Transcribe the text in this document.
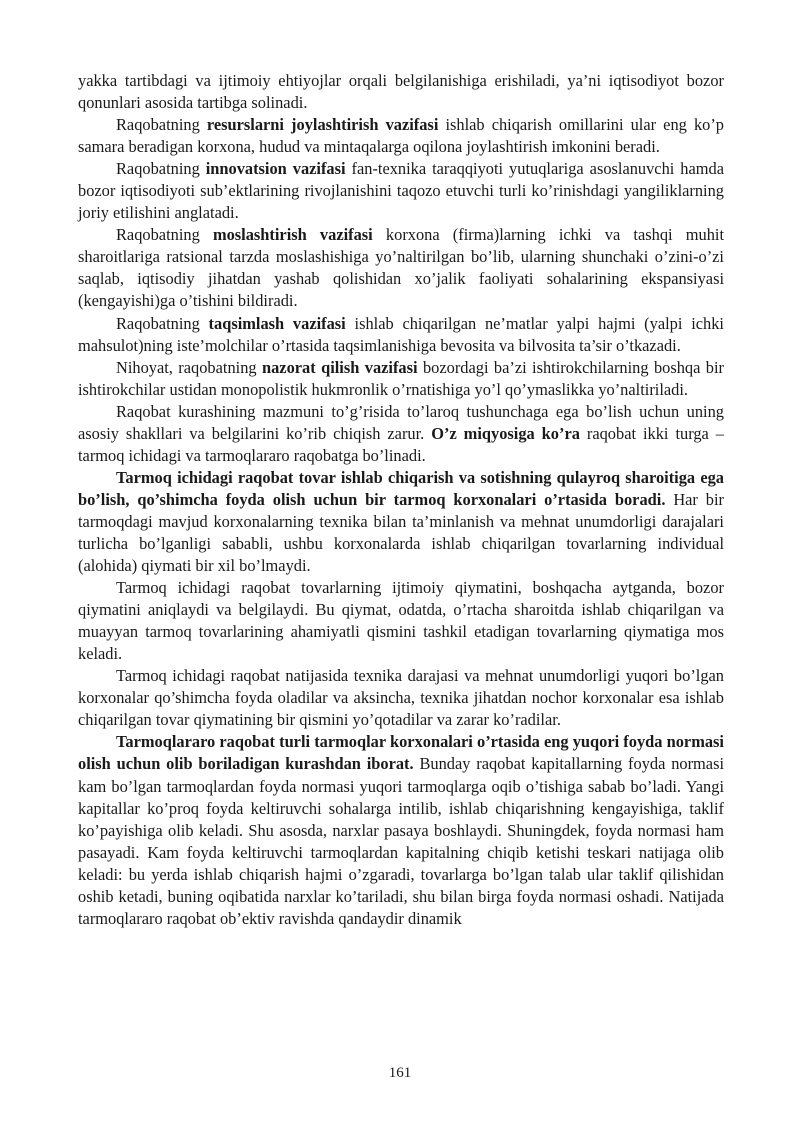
yakka tartibdagi va ijtimoiy ehtiyojlar orqali belgilanishiga erishiladi, ya’ni iqtisodiyot bozor qonunlari asosida tartibga solinadi.

Raqobatning resurslarni joylashtirish vazifasi ishlab chiqarish omillarini ular eng ko’p samara beradigan korxona, hudud va mintaqalarga oqilona joylashtirish imkonini beradi.

Raqobatning innovatsion vazifasi fan-texnika taraqqiyoti yutuqlariga asoslanuvchi hamda bozor iqtisodiyoti sub’ektlarining rivojlanishini taqozo etuvchi turli ko’rinishdagi yangiliklarning joriy etilishini anglatadi.

Raqobatning moslashtirish vazifasi korxona (firma)larning ichki va tashqi muhit sharoitlariga ratsional tarzda moslashishiga yo’naltirilgan bo’lib, ularning shunchaki o’zini-o’zi saqlab, iqtisodiy jihatdan yashab qolishidan xo’jalik faoliyati sohalarining ekspansiyasi (kengayishi)ga o’tishini bildiradi.

Raqobatning taqsimlash vazifasi ishlab chiqarilgan ne’matlar yalpi hajmi (yalpi ichki mahsulot)ning iste’molchilar o’rtasida taqsimlanishiga bevosita va bilvosita ta’sir o’tkazadi.

Nihoyat, raqobatning nazorat qilish vazifasi bozordagi ba’zi ishtirokchilarning boshqa bir ishtirokchilar ustidan monopolistik hukmronlik o’rnatishiga yo’l qo’ymaslikka yo’naltiriladi.

Raqobat kurashining mazmuni to’g’risida to’laroq tushunchaga ega bo’lish uchun uning asosiy shakllari va belgilarini ko’rib chiqish zarur. O’z miqyosiga ko’ra raqobat ikki turga – tarmoq ichidagi va tarmoqlararo raqobatga bo’linadi.

Tarmoq ichidagi raqobat tovar ishlab chiqarish va sotishning qulayroq sharoitiga ega bo’lish, qo’shimcha foyda olish uchun bir tarmoq korxonalari o’rtasida boradi. Har bir tarmoqdagi mavjud korxonalarning texnika bilan ta’minlanish va mehnat unumdorligi darajalari turlicha bo’lganligi sababli, ushbu korxonalarda ishlab chiqarilgan tovarlarning individual (alohida) qiymati bir xil bo’lmaydi.

Tarmoq ichidagi raqobat tovarlarning ijtimoiy qiymatini, boshqacha aytganda, bozor qiymatini aniqlaydi va belgilaydi. Bu qiymat, odatda, o’rtacha sharoitda ishlab chiqarilgan va muayyan tarmoq tovarlarining ahamiyatli qismini tashkil etadigan tovarlarning qiymatiga mos keladi.

Tarmoq ichidagi raqobat natijasida texnika darajasi va mehnat unumdorligi yuqori bo’lgan korxonalar qo’shimcha foyda oladilar va aksincha, texnika jihatdan nochor korxonalar esa ishlab chiqarilgan tovar qiymatining bir qismini yo’qotadilar va zarar ko’radilar.

Tarmoqlararo raqobat turli tarmoqlar korxonalari o’rtasida eng yuqori foyda normasi olish uchun olib boriladigan kurashdan iborat. Bunday raqobat kapitallarning foyda normasi kam bo’lgan tarmoqlardan foyda normasi yuqori tarmoqlarga oqib o’tishiga sabab bo’ladi. Yangi kapitallar ko’proq foyda keltiruvchi sohalarga intilib, ishlab chiqarishning kengayishiga, taklif ko’payishiga olib keladi. Shu asosda, narxlar pasaya boshlaydi. Shuningdek, foyda normasi ham pasayadi. Kam foyda keltiruvchi tarmoqlardan kapitalning chiqib ketishi teskari natijaga olib keladi: bu yerda ishlab chiqarish hajmi o’zgaradi, tovarlarga bo’lgan talab ular taklif qilishidan oshib ketadi, buning oqibatida narxlar ko’tariladi, shu bilan birga foyda normasi oshadi. Natijada tarmoqlararo raqobat ob’ektiv ravishda qandaydir dinamik

161
